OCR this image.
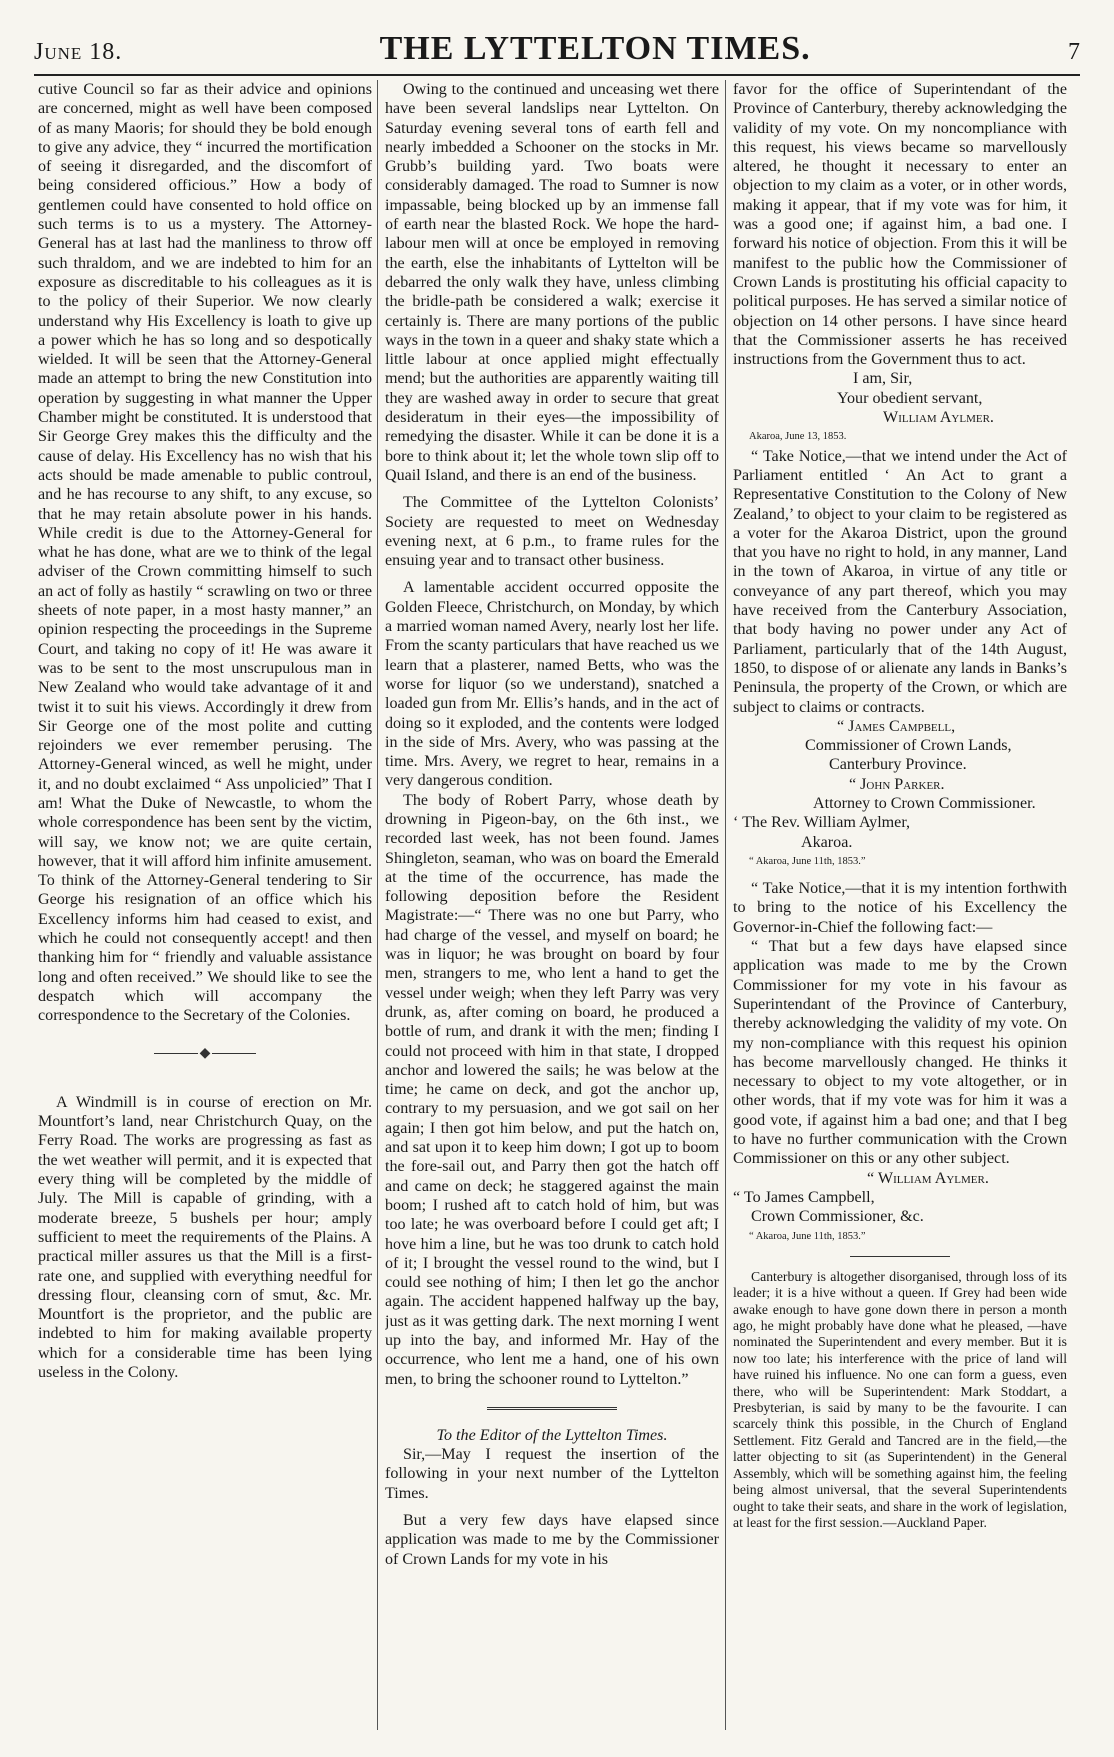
June 18.	THE LYTTELTON TIMES.	7

cutive Council so far as their advice and opinions are concerned, might as well have been composed of as many Maoris; for should they be bold enough to give any advice, they “ incurred the mortification of seeing it disregarded, and the discomfort of being considered officious.” How a body of gentlemen could have consented to hold office on such terms is to us a mystery. The Attorney-General has at last had the manliness to throw off such thraldom, and we are indebted to him for an exposure as discreditable to his colleagues as it is to the policy of their Superior. We now clearly understand why His Excellency is loath to give up a power which he has so long and so despotically wielded. It will be seen that the Attorney-General made an attempt to bring the new Constitution into operation by suggesting in what manner the Upper Chamber might be constituted. It is understood that Sir George Grey makes this the difficulty and the cause of delay. His Excellency has no wish that his acts should be made amenable to public controul, and he has recourse to any shift, to any excuse, so that he may retain absolute power in his hands. While credit is due to the Attorney-General for what he has done, what are we to think of the legal adviser of the Crown committing himself to such an act of folly as hastily “ scrawling on two or three sheets of note paper, in a most hasty manner,” an opinion respecting the proceedings in the Supreme Court, and taking no copy of it! He was aware it was to be sent to the most unscrupulous man in New Zealand who would take advantage of it and twist it to suit his views. Accordingly it drew from Sir George one of the most polite and cutting rejoinders we ever remember perusing. The Attorney-General winced, as well he might, under it, and no doubt exclaimed “ Ass unpolicied” That I am! What the Duke of Newcastle, to whom the whole correspondence has been sent by the victim, will say, we know not; we are quite certain, however, that it will afford him infinite amusement. To think of the Attorney-General tendering to Sir George his resignation of an office which his Excellency informs him had ceased to exist, and which he could not consequently accept! and then thanking him for “ friendly and valuable assistance long and often received.” We should like to see the despatch which will accompany the correspondence to the Secretary of the Colonies.

◆

A Windmill is in course of erection on Mr. Mountfort’s land, near Christchurch Quay, on the Ferry Road. The works are progressing as fast as the wet weather will permit, and it is expected that every thing will be completed by the middle of July. The Mill is capable of grinding, with a moderate breeze, 5 bushels per hour; amply sufficient to meet the requirements of the Plains. A practical miller assures us that the Mill is a first-rate one, and supplied with everything needful for dressing flour, cleansing corn of smut, &c. Mr. Mountfort is the proprietor, and the public are indebted to him for making available property which for a considerable time has been lying useless in the Colony.

Owing to the continued and unceasing wet there have been several landslips near Lyttelton. On Saturday evening several tons of earth fell and nearly imbedded a Schooner on the stocks in Mr. Grubb’s building yard. Two boats were considerably damaged. The road to Sumner is now impassable, being blocked up by an immense fall of earth near the blasted Rock. We hope the hard-labour men will at once be employed in removing the earth, else the inhabitants of Lyttelton will be debarred the only walk they have, unless climbing the bridle-path be considered a walk; exercise it certainly is. There are many portions of the public ways in the town in a queer and shaky state which a little labour at once applied might effectually mend; but the authorities are apparently waiting till they are washed away in order to secure that great desideratum in their eyes—the impossibility of remedying the disaster. While it can be done it is a bore to think about it; let the whole town slip off to Quail Island, and there is an end of the business.

The Committee of the Lyttelton Colonists’ Society are requested to meet on Wednesday evening next, at 6 p.m., to frame rules for the ensuing year and to transact other business.

A lamentable accident occurred opposite the Golden Fleece, Christchurch, on Monday, by which a married woman named Avery, nearly lost her life. From the scanty particulars that have reached us we learn that a plasterer, named Betts, who was the worse for liquor (so we understand), snatched a loaded gun from Mr. Ellis’s hands, and in the act of doing so it exploded, and the contents were lodged in the side of Mrs. Avery, who was passing at the time. Mrs. Avery, we regret to hear, remains in a very dangerous condition.

The body of Robert Parry, whose death by drowning in Pigeon-bay, on the 6th inst., we recorded last week, has not been found. James Shingleton, seaman, who was on board the Emerald at the time of the occurrence, has made the following deposition before the Resident Magistrate:—“ There was no one but Parry, who had charge of the vessel, and myself on board; he was in liquor; he was brought on board by four men, strangers to me, who lent a hand to get the vessel under weigh; when they left Parry was very drunk, as, after coming on board, he produced a bottle of rum, and drank it with the men; finding I could not proceed with him in that state, I dropped anchor and lowered the sails; he was below at the time; he came on deck, and got the anchor up, contrary to my persuasion, and we got sail on her again; I then got him below, and put the hatch on, and sat upon it to keep him down; I got up to boom the fore-sail out, and Parry then got the hatch off and came on deck; he staggered against the main boom; I rushed aft to catch hold of him, but was too late; he was overboard before I could get aft; I hove him a line, but he was too drunk to catch hold of it; I brought the vessel round to the wind, but I could see nothing of him; I then let go the anchor again. The accident happened halfway up the bay, just as it was getting dark. The next morning I went up into the bay, and informed Mr. Hay of the occurrence, who lent me a hand, one of his own men, to bring the schooner round to Lyttelton.”

To the Editor of the Lyttelton Times.

Sir,—May I request the insertion of the following in your next number of the Lyttelton Times.

But a very few days have elapsed since application was made to me by the Commissioner of Crown Lands for my vote in his

favor for the office of Superintendant of the Province of Canterbury, thereby acknowledging the validity of my vote. On my noncompliance with this request, his views became so marvellously altered, he thought it necessary to enter an objection to my claim as a voter, or in other words, making it appear, that if my vote was for him, it was a good one; if against him, a bad one. I forward his notice of objection. From this it will be manifest to the public how the Commissioner of Crown Lands is prostituting his official capacity to political purposes. He has served a similar notice of objection on 14 other persons. I have since heard that the Commissioner asserts he has received instructions from the Government thus to act.

I am, Sir,

Your obedient servant,

William Aylmer.

Akaroa, June 13, 1853.

“ Take Notice,—that we intend under the Act of Parliament entitled ‘ An Act to grant a Representative Constitution to the Colony of New Zealand,’ to object to your claim to be registered as a voter for the Akaroa District, upon the ground that you have no right to hold, in any manner, Land in the town of Akaroa, in virtue of any title or conveyance of any part thereof, which you may have received from the Canterbury Association, that body having no power under any Act of Parliament, particularly that of the 14th August, 1850, to dispose of or alienate any lands in Banks’s Peninsula, the property of the Crown, or which are subject to claims or contracts.

“ James Campbell,

Commissioner of Crown Lands,

Canterbury Province.

“ John Parker.

Attorney to Crown Commissioner.

‘ The Rev. William Aylmer,

Akaroa.

“ Akaroa, June 11th, 1853.”

“ Take Notice,—that it is my intention forthwith to bring to the notice of his Excellency the Governor-in-Chief the following fact:—

“ That but a few days have elapsed since application was made to me by the Crown Commissioner for my vote in his favour as Superintendant of the Province of Canterbury, thereby acknowledging the validity of my vote. On my non-compliance with this request his opinion has become marvellously changed. He thinks it necessary to object to my vote altogether, or in other words, that if my vote was for him it was a good vote, if against him a bad one; and that I beg to have no further communication with the Crown Commissioner on this or any other subject.

“ William Aylmer.

“ To James Campbell,

Crown Commissioner, &c.

“ Akaroa, June 11th, 1853.”

Canterbury is altogether disorganised, through loss of its leader; it is a hive without a queen. If Grey had been wide awake enough to have gone down there in person a month ago, he might probably have done what he pleased, —have nominated the Superintendent and every member. But it is now too late; his interference with the price of land will have ruined his influence. No one can form a guess, even there, who will be Superintendent: Mark Stoddart, a Presbyterian, is said by many to be the favourite. I can scarcely think this possible, in the Church of England Settlement. Fitz Gerald and Tancred are in the field,—the latter objecting to sit (as Superintendent) in the General Assembly, which will be something against him, the feeling being almost universal, that the several Superintendents ought to take their seats, and share in the work of legislation, at least for the first session.—Auckland Paper.
